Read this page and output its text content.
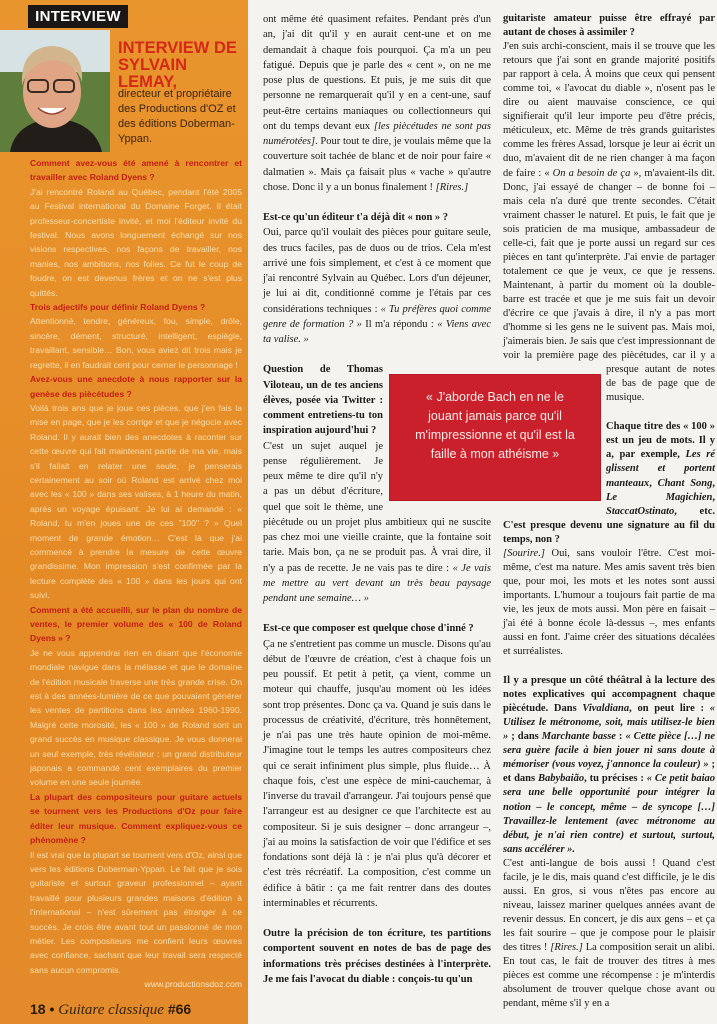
INTERVIEW
INTERVIEW DE
SYLVAIN LEMAY,
directeur et propriétaire des Productions d'OZ et des éditions Doberman-Yppan.
Comment avez-vous été amené à rencontrer et travailler avec Roland Dyens ?
J'ai rencontré Roland au Québec, pendant l'été 2005 au Festival international du Domaine Forget. Il était professeur-concertiste invité, et moi l'éditeur invité du festival. Nous avons longuement échangé sur nos visions respectives, nos façons de travailler, nos manies, nos ambitions, nos folies. Ce fut le coup de foudre, on est devenus frères et on ne s'est plus quittés.
Trois adjectifs pour définir Roland Dyens ?
Attentionné, tendre, généreux, fou, simple, drôle, sincère, dément, structuré, intelligent, espiègle, travaillant, sensible… Bon, vous aviez dit trois mais je regrette, il en faudrait cent pour cerner le personnage !
Avez-vous une anecdote à nous rapporter sur la genèse des piècétudes ?
Voilà trois ans que je joue ces pièces, que j'en fais la mise en page, que je les corrige et que je négocie avec Roland. Il y aurait bien des anecdotes à raconter sur cette œuvre qui fait maintenant partie de ma vie, mais s'il fallait en relater une seule, je penserais certainement au soir où Roland est arrivé chez moi avec les « 100 » dans ses valises, à 1 heure du matin, après un voyage épuisant. Je lui ai demandé : « Roland, tu m'en joues une de ces "100" ? » Quel moment de grande émotion… C'est là que j'ai commencé à prendre la mesure de cette œuvre grandissime. Mon impression s'est confirmée par la lecture complète des « 100 » dans les jours qui ont suivi.
Comment a été accueilli, sur le plan du nombre de ventes, le premier volume des « 100 de Roland Dyens » ?
Je ne vous apprendrai rien en disant que l'économie mondiale navigue dans la mélasse et que le domaine de l'édition musicale traverse une très grande crise. On est à des années-lumière de ce que pouvaient générer les ventes de partitions dans les années 1960-1990. Malgré cette morosité, les « 100 » de Roland sont un grand succès en musique classique. Je vous donnerai un seul exemple, très révélateur : un grand distributeur japonais a commandé cent exemplaires du premier volume en une seule journée.
La plupart des compositeurs pour guitare actuels se tournent vers les Productions d'Oz pour faire éditer leur musique. Comment expliquez-vous ce phénomène ?
Il est vrai que la plupart se tournent vers d'Oz, ainsi que vers les éditions Doberman-Yppan. Le fait que je sois guitariste et surtout graveur professionnel – ayant travaillé pour plusieurs grandes maisons d'édition à l'international – n'est sûrement pas étranger à ce succès. Je crois être avant tout un passionné de mon métier. Les compositeurs me confient leurs œuvres avec confiance, sachant que leur travail sera respecté sans aucun compromis.
www.productionsdoz.com
18 • Guitare classique #66

ont même été quasiment refaites. Pendant près d'un an, j'ai dit qu'il y en aurait cent-une et on me demandait à chaque fois pourquoi. Ça m'a un peu fatigué. Depuis que je parle des « cent », on ne me pose plus de questions. Et puis, je me suis dit que personne ne remarquerait qu'il y en a cent-une, sauf peut-être certains maniaques ou collectionneurs qui ont du temps devant eux [les piècétudes ne sont pas numérotées]. Pour tout te dire, je voulais même que la couverture soit tachée de blanc et de noir pour faire « dalmatien ». Mais ça faisait plus « vache » qu'autre chose. Donc il y a un bonus finalement ! [Rires.]

Est-ce qu'un éditeur t'a déjà dit « non » ?

Oui, parce qu'il voulait des pièces pour guitare seule, des trucs faciles, pas de duos ou de trios. Cela m'est arrivé une fois simplement, et c'est à ce moment que j'ai rencontré Sylvain au Québec. Lors d'un déjeuner, je lui ai dit, conditionné comme je l'étais par ces considérations techniques : « Tu préfères quoi comme genre de formation ? » Il m'a répondu : « Viens avec ta valise. »

Question de Thomas Viloteau, un de tes anciens élèves, posée via Twitter : comment entretiens-tu ton inspiration aujourd'hui ?

C'est un sujet auquel je pense régulièrement. Je peux même te dire qu'il n'y a pas un début d'écriture, quel que soit le thème, une piècétude ou un projet plus ambitieux qui ne suscite pas chez moi une vieille crainte, que la fontaine soit tarie. Mais bon, ça ne se produit pas. À vrai dire, il n'y a pas de recette. Je ne vais pas te dire : « Je vais me mettre au vert devant un très beau paysage pendant une semaine… »

Est-ce que composer est quelque chose d'inné ?

Ça ne s'entretient pas comme un muscle. Disons qu'au début de l'œuvre de création, c'est à chaque fois un peu poussif. Et petit à petit, ça vient, comme un moteur qui chauffe, jusqu'au moment où les idées sont trop présentes. Donc ça va. Quand je suis dans le processus de créativité, d'écriture, très honnêtement, je n'ai pas une très haute opinion de moi-même. J'imagine tout le temps les autres compositeurs chez qui ce serait infiniment plus simple, plus fluide… À chaque fois, c'est une espèce de mini-cauchemar, à l'inverse du travail d'arrangeur. J'ai toujours pensé que l'arrangeur est au designer ce que l'architecte est au compositeur. Si je suis designer – donc arrangeur –, j'ai au moins la satisfaction de voir que l'édifice et ses fondations sont déjà là : je n'ai plus qu'à décorer et c'est très récréatif. La composition, c'est comme un édifice à bâtir : ça me fait rentrer dans des doutes interminables et récurrents.

Outre la précision de ton écriture, tes partitions comportent souvent en notes de bas de page des informations très précises destinées à l'interprète. Je me fais l'avocat du diable : conçois-tu qu'un

guitariste amateur puisse être effrayé par autant de choses à assimiler ?

J'en suis archi-conscient, mais il se trouve que les retours que j'ai sont en grande majorité positifs par rapport à cela. À moins que ceux qui pensent comme toi, « l'avocat du diable », n'osent pas le dire ou aient mauvaise conscience, ce qui signifierait qu'il leur importe peu d'être précis, méticuleux, etc. Même de très grands guitaristes comme les frères Assad, lorsque je leur ai écrit un duo, m'avaient dit de ne rien changer à ma façon de faire : « On a besoin de ça », m'avaient-ils dit. Donc, j'ai essayé de changer – de bonne foi – mais cela n'a duré que trente secondes. C'était vraiment chasser le naturel. Et puis, le fait que je sois praticien de ma musique, ambassadeur de celle-ci, fait que je porte aussi un regard sur ces pièces en tant qu'interprète. J'ai envie de partager totalement ce que je veux, ce que je ressens. Maintenant, à partir du moment où la double-barre est tracée et que je me suis fait un devoir d'écrire ce que j'avais à dire, il n'y a pas mort d'homme si les gens ne le suivent pas. Mais moi, j'aimerais bien. Je sais que c'est impressionnant de voir la première page des piècétudes, car il y a presque autant de notes de bas de page que de musique.

Chaque titre des « 100 » est un jeu de mots. Il y a, par exemple, Les ré glissent et portent manteaux, Chant Song, Le Magichien, StaccatOstinato, etc. C'est presque devenu une signature au fil du temps, non ?

[Sourire.] Oui, sans vouloir l'être. C'est moi-même, c'est ma nature. Mes amis savent très bien que, pour moi, les mots et les notes sont aussi importants. L'humour a toujours fait partie de ma vie, les jeux de mots aussi. Mon père en faisait – j'ai été à bonne école là-dessus –, mes enfants aussi en font. J'aime créer des situations décalées et surréalistes.

Il y a presque un côté théâtral à la lecture des notes explicatives qui accompagnent chaque piècétude. Dans Vivaldiana, on peut lire : « Utilisez le métronome, soit, mais utilisez-le bien » ; dans Marchante basse : « Cette pièce […] ne sera guère facile à bien jouer ni sans doute à mémoriser (vous voyez, j'annonce la couleur) » ; et dans Babybaião, tu précises : « Ce petit baiao sera une belle opportunité pour intégrer la notion – le concept, même – de syncope […] Travaillez-le lentement (avec métronome au début, je n'ai rien contre) et surtout, surtout, sans accélérer ».

C'est anti-langue de bois aussi ! Quand c'est facile, je le dis, mais quand c'est difficile, je le dis aussi. En gros, si vous n'êtes pas encore au niveau, laissez mariner quelques années avant de revenir dessus. En concert, je dis aux gens – et ça les fait sourire – que je compose pour le plaisir des titres ! [Rires.] La composition serait un alibi. En tout cas, le fait de trouver des titres à mes pièces est comme une récompense : je m'interdis absolument de trouver quelque chose avant ou pendant, même s'il y en a

« J'aborde Bach en ne le jouant jamais parce qu'il m'impressionne et qu'il est la faille à mon athéisme »
